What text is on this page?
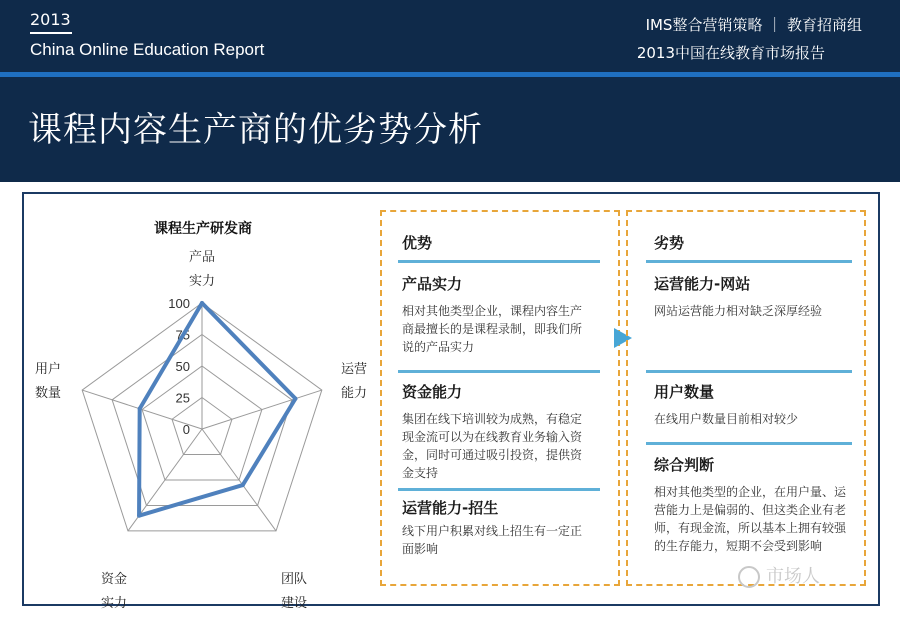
2013
China Online Education Report
IMS整合营销策略 ｜ 教育招商组
2013中国在线教育市场报告
课程内容生产商的优劣势分析
0
25
50
75
100
产品
实力
运营
能力
团队
建设
资金
实力
用户
数量
课程生产研发商
优势
产品实力
相对其他类型企业，课程内容生产商最擅长的是课程录制，即我们所说的产品实力
资金能力
集团在线下培训较为成熟，有稳定现金流可以为在线教育业务输入资金，同时可通过吸引投资，提供资金支持
运营能力-招生
线下用户积累对线上招生有一定正面影响
劣势
运营能力-网站
网站运营能力相对缺乏深厚经验
用户数量
在线用户数量目前相对较少
综合判断
相对其他类型的企业，在用户量、运营能力上是偏弱的、但这类企业有老师，有现金流，所以基本上拥有较强的生存能力，短期不会受到影响
市场人
